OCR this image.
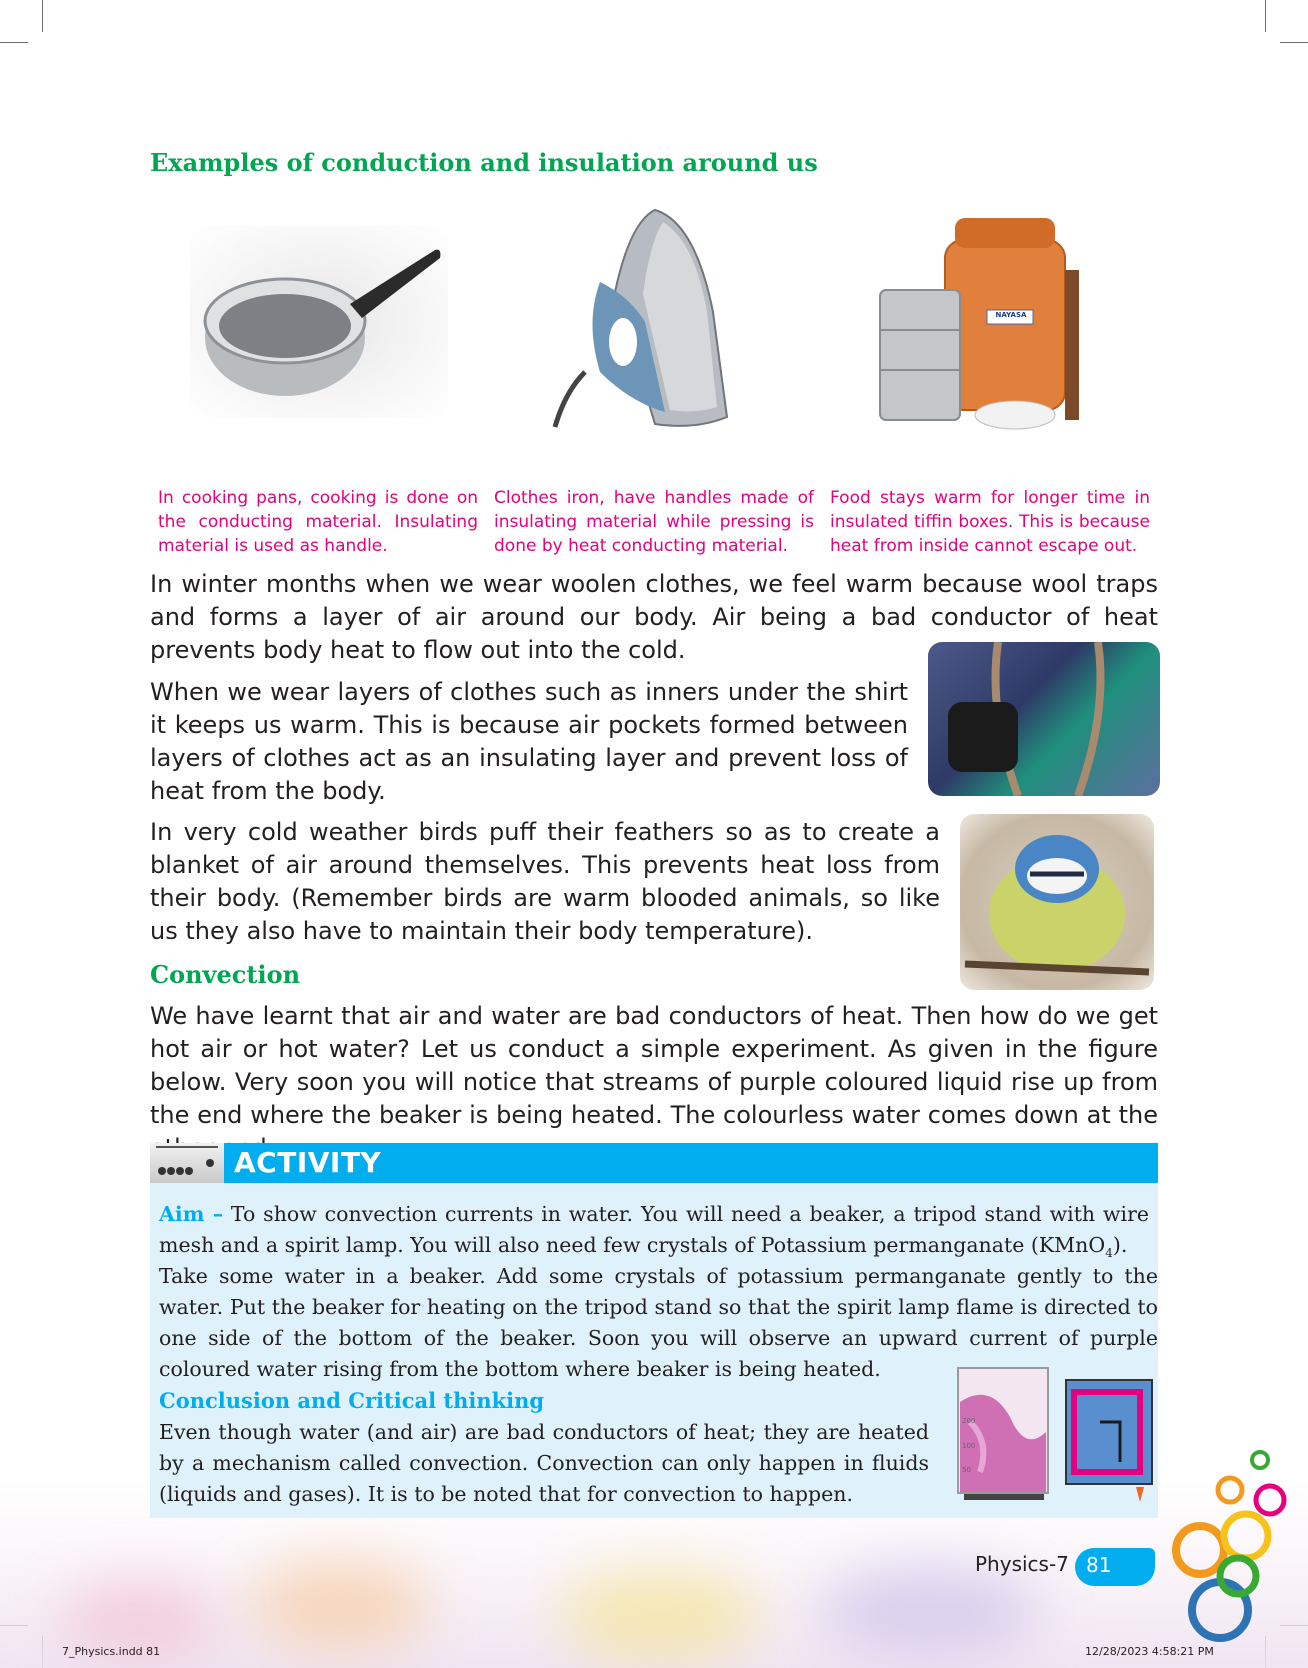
Examples of conduction and insulation around us
NAYASA
In cooking pans, cooking is done on the conducting material. Insulating material is used as handle.
Clothes iron, have handles made of insulating material while pressing is done by heat conducting material.
Food stays warm for longer time in insulated tiffin boxes. This is because heat from inside cannot escape out.
In winter months when we wear woolen clothes, we feel warm because wool traps and forms a layer of air around our body. Air being a bad conductor of heat prevents body heat to flow out into the cold.
When we wear layers of clothes such as inners under the shirt it keeps us warm. This is because air pockets formed between layers of clothes act as an insulating layer and prevent loss of heat from the body.
In very cold weather birds puff their feathers so as to create a blanket of air around themselves. This prevents heat loss from their body. (Remember birds are warm blooded animals, so like us they also have to maintain their body temperature).
Convection
We have learnt that air and water are bad conductors of heat. Then how do we get hot air or hot water? Let us conduct a simple experiment. As given in the figure below. Very soon you will notice that streams of purple coloured liquid rise up from the end where the beaker is being heated. The colourless water comes down at the
ACTIVITY
Aim – To show convection currents in water. You will need a beaker, a tripod stand with wire mesh and a spirit lamp. You will also need few crystals of Potassium permanganate (KMnO$_4$).
Take some water in a beaker. Add some crystals of potassium permanganate gently to the water. Put the beaker for heating on the tripod stand so that the spirit lamp flame is directed to one side of the bottom of the beaker. Soon you will observe an upward current of purple coloured water rising from the bottom where beaker is being heated.
Conclusion and Critical thinking
Even though water (and air) are bad conductors of heat; they are heated by a mechanism called convection. Convection can only happen in fluids (liquids and gases). It is to be noted that for convection to happen.
200
100
50
Physics-7 81
7_Physics.indd 81	12/28/2023 4:58:21 PM
